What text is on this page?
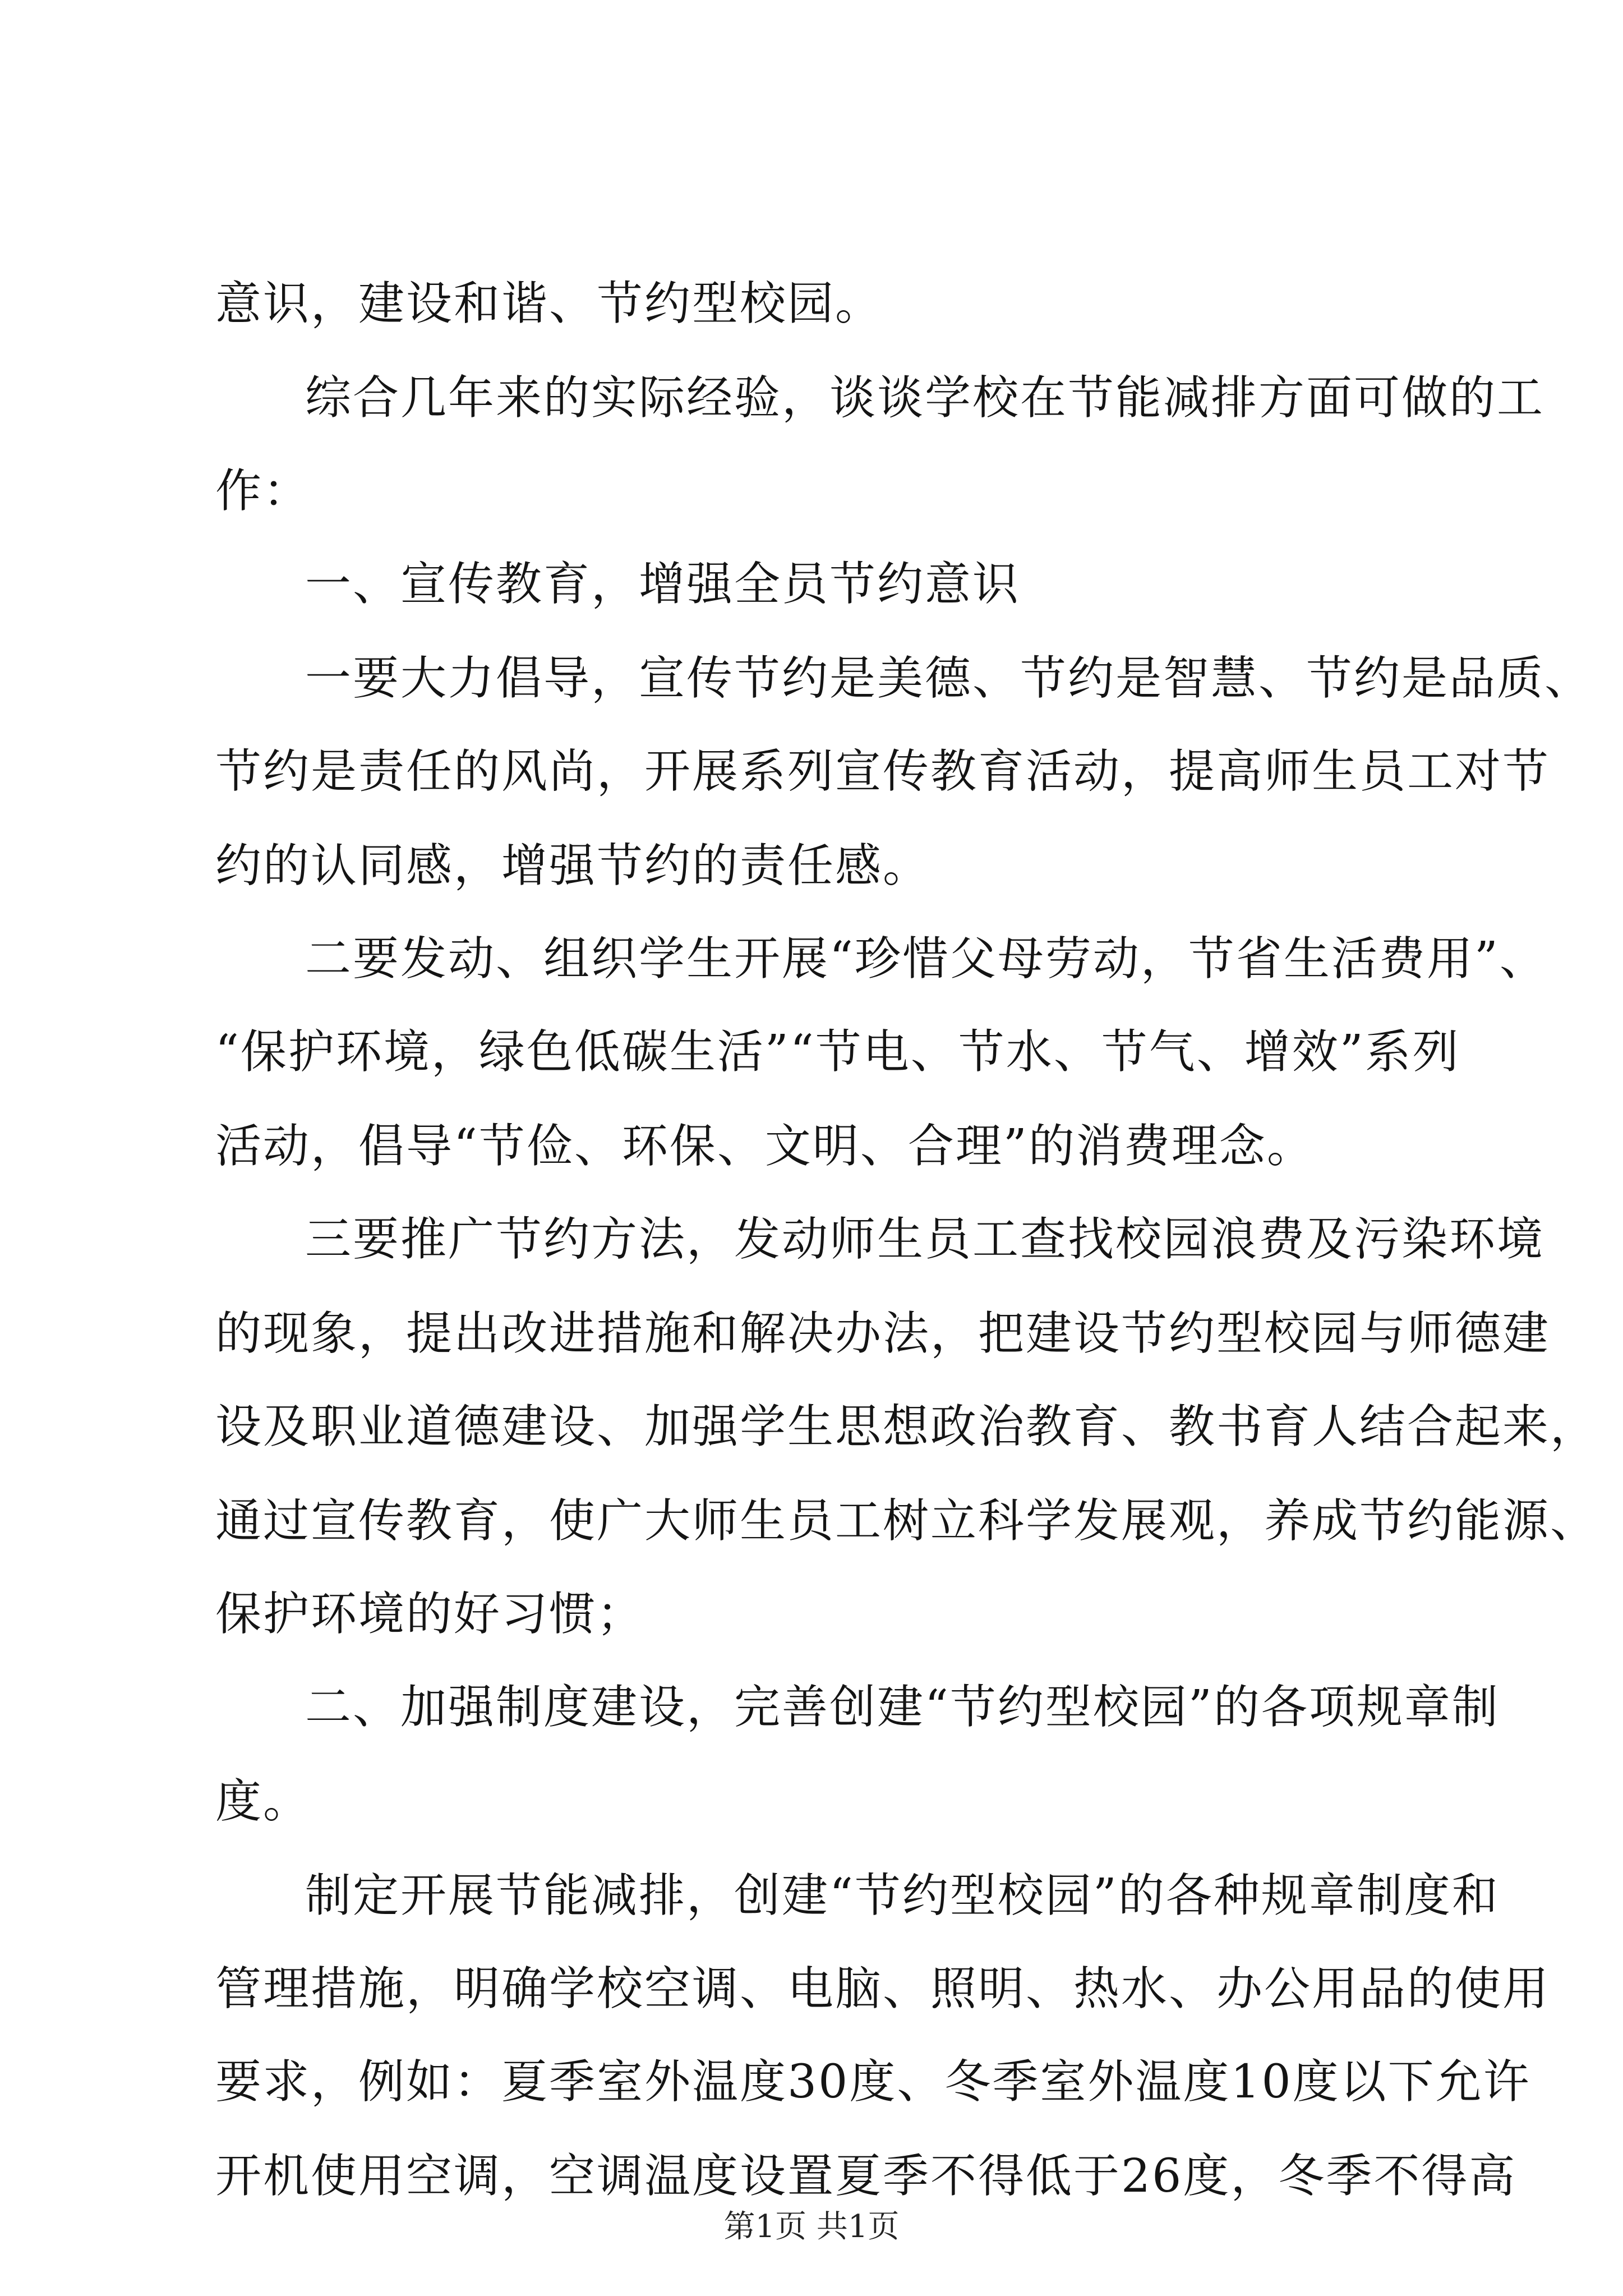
意识，建设和谐、节约型校园。
综合几年来的实际经验，谈谈学校在节能减排方面可做的工
作：
一、宣传教育，增强全员节约意识
一要大力倡导，宣传节约是美德、节约是智慧、节约是品质、
节约是责任的风尚，开展系列宣传教育活动，提高师生员工对节
约的认同感，增强节约的责任感。
二要发动、组织学生开展“珍惜父母劳动，节省生活费用”、
“保护环境，绿色低碳生活”“节电、节水、节气、增效”系列
活动，倡导“节俭、环保、文明、合理”的消费理念。
三要推广节约方法，发动师生员工查找校园浪费及污染环境
的现象，提出改进措施和解决办法，把建设节约型校园与师德建
设及职业道德建设、加强学生思想政治教育、教书育人结合起来，
通过宣传教育，使广大师生员工树立科学发展观，养成节约能源、
保护环境的好习惯；
二、加强制度建设，完善创建“节约型校园”的各项规章制
度。
制定开展节能减排，创建“节约型校园”的各种规章制度和
管理措施，明确学校空调、电脑、照明、热水、办公用品的使用
要求，例如：夏季室外温度30度、冬季室外温度10度以下允许
开机使用空调，空调温度设置夏季不得低于26度，冬季不得高
第1页 共1页
